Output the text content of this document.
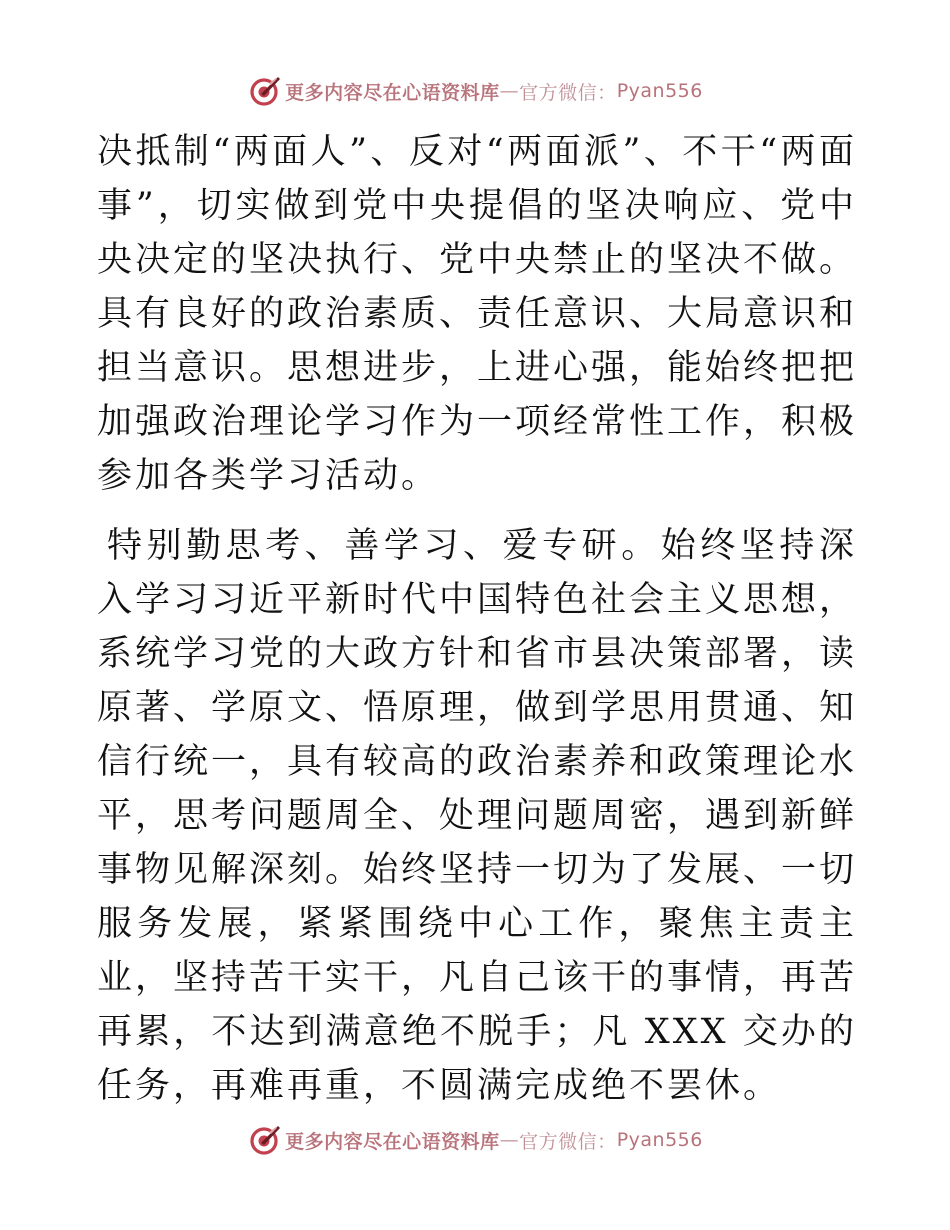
更多内容尽在心语资料库 — 官方微信： Pyan556

决抵制“两面人”、反对“两面派”、不干“两面事”，切实做到党中央提倡的坚决响应、党中央决定的坚决执行、党中央禁止的坚决不做。具有良好的政治素质、责任意识、大局意识和担当意识。思想进步，上进心强，能始终把把加强政治理论学习作为一项经常性工作，积极参加各类学习活动。

特别勤思考、善学习、爱专研。始终坚持深入学习习近平新时代中国特色社会主义思想，系统学习党的大政方针和省市县决策部署，读原著、学原文、悟原理，做到学思用贯通、知信行统一，具有较高的政治素养和政策理论水平，思考问题周全、处理问题周密，遇到新鲜事物见解深刻。始终坚持一切为了发展、一切服务发展，紧紧围绕中心工作，聚焦主责主业，坚持苦干实干，凡自己该干的事情，再苦再累，不达到满意绝不脱手；凡 XXX 交办的任务，再难再重，不圆满完成绝不罢休。

更多内容尽在心语资料库 — 官方微信： Pyan556
